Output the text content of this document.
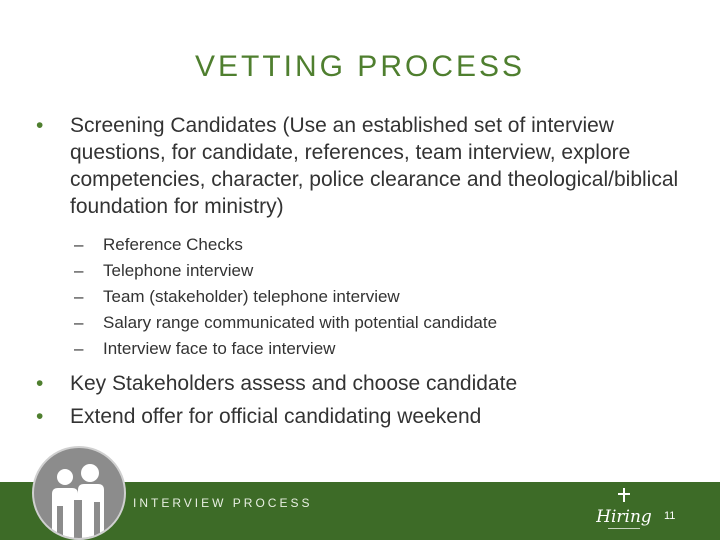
VETTING PROCESS
• Screening Candidates (Use an established set of interview questions, for candidate, references, team interview, explore competencies, character, police clearance and theological/biblical foundation for ministry)
– Reference Checks
– Telephone interview
– Team (stakeholder) telephone interview
– Salary range communicated with potential candidate
– Interview face to face interview
• Key Stakeholders assess and choose candidate
• Extend offer for official candidating weekend
INTERVIEW PROCESS
11
Hiring
